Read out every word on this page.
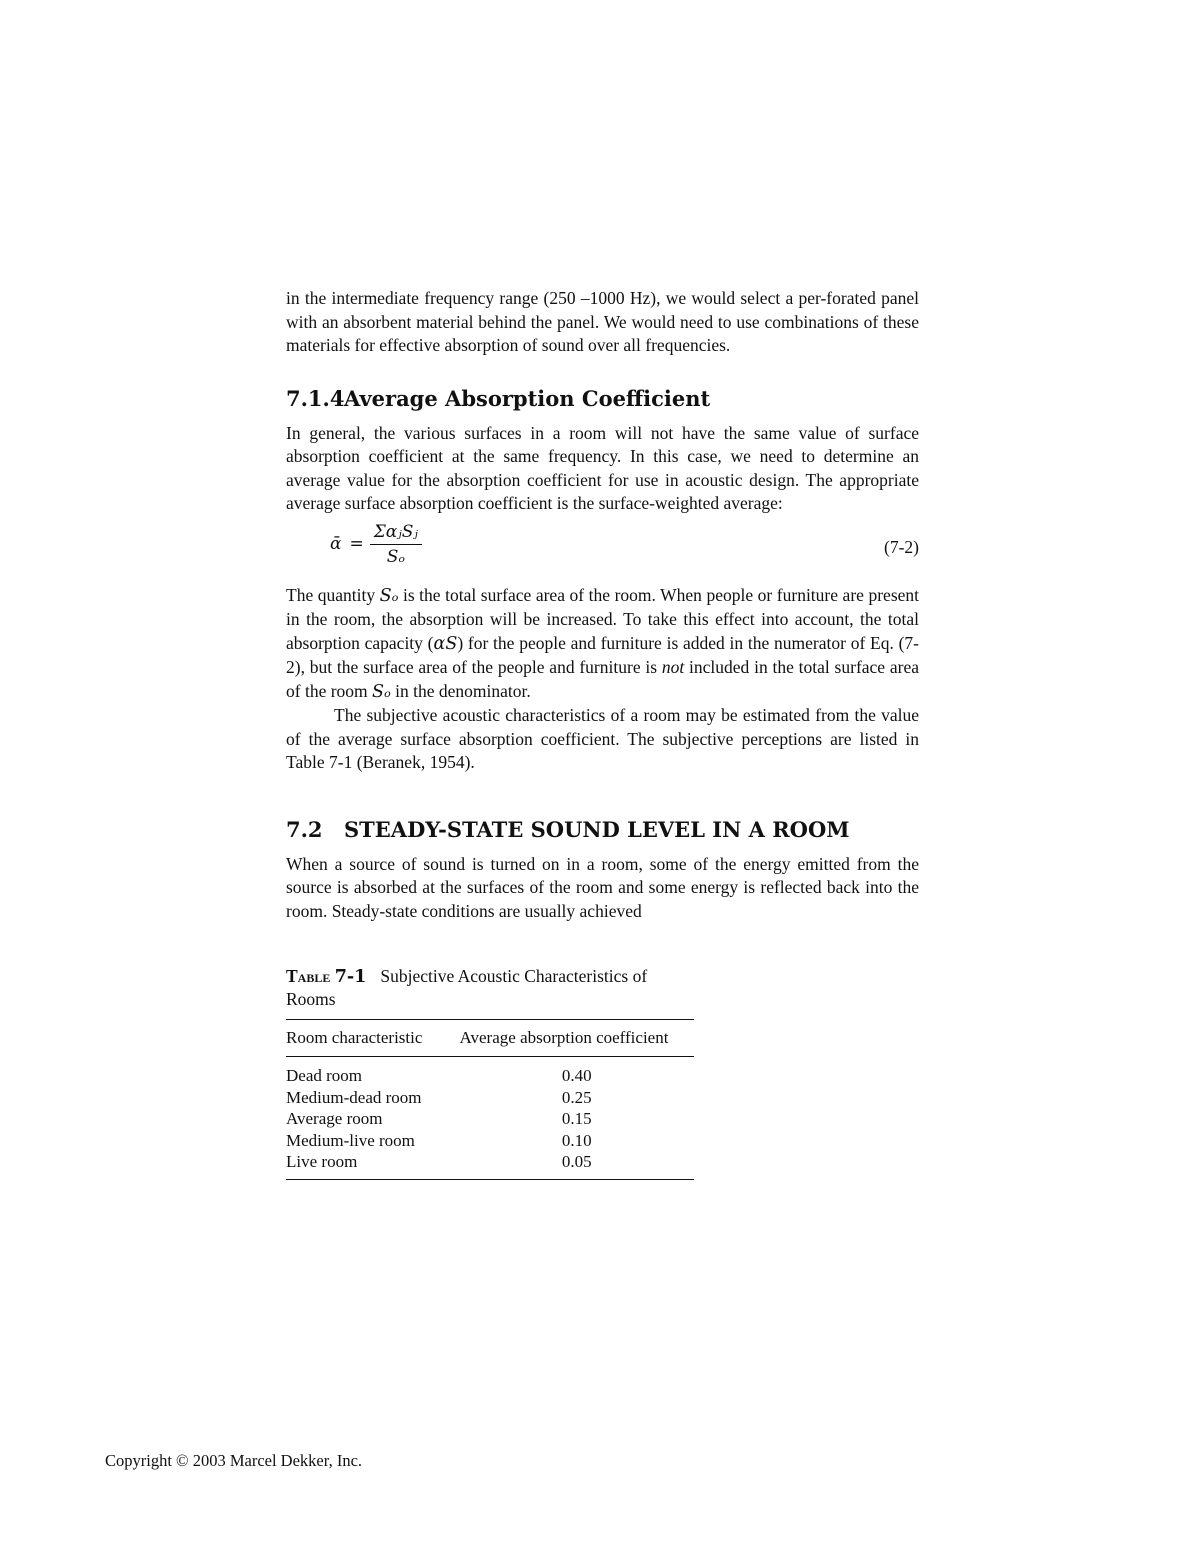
in the intermediate frequency range (250 –1000 Hz), we would select a per-forated panel with an absorbent material behind the panel. We would need to use combinations of these materials for effective absorption of sound over all frequencies.

7.1.4Average Absorption Coefficient

In general, the various surfaces in a room will not have the same value of surface absorption coefficient at the same frequency. In this case, we need to determine an average value for the absorption coefficient for use in acoustic design. The appropriate average surface absorption coefficient is the surface-weighted average:

ᾱ = $\frac{\text{ΣαⱼSⱼ}}{\text{Sₒ}}$	(7-2)

The quantity Sₒ is the total surface area of the room. When people or furniture are present in the room, the absorption will be increased. To take this effect into account, the total absorption capacity (αS) for the people and furniture is added in the numerator of Eq. (7-2), but the surface area of the people and furniture is not included in the total surface area of the room Sₒ in the denominator.

The subjective acoustic characteristics of a room may be estimated from the value of the average surface absorption coefficient. The subjective perceptions are listed in Table 7-1 (Beranek, 1954).

7.2 STEADY-STATE SOUND LEVEL IN A ROOM

When a source of sound is turned on in a room, some of the energy emitted from the source is absorbed at the surfaces of the room and some energy is reflected back into the room. Steady-state conditions are usually achieved

Table 7-1 Subjective Acoustic Characteristics of Rooms
Room characteristic	Average absorption coefficient
Dead room	0.40
Medium-dead room	0.25
Average room	0.15
Medium-live room	0.10
Live room	0.05
Copyright © 2003 Marcel Dekker, Inc.
